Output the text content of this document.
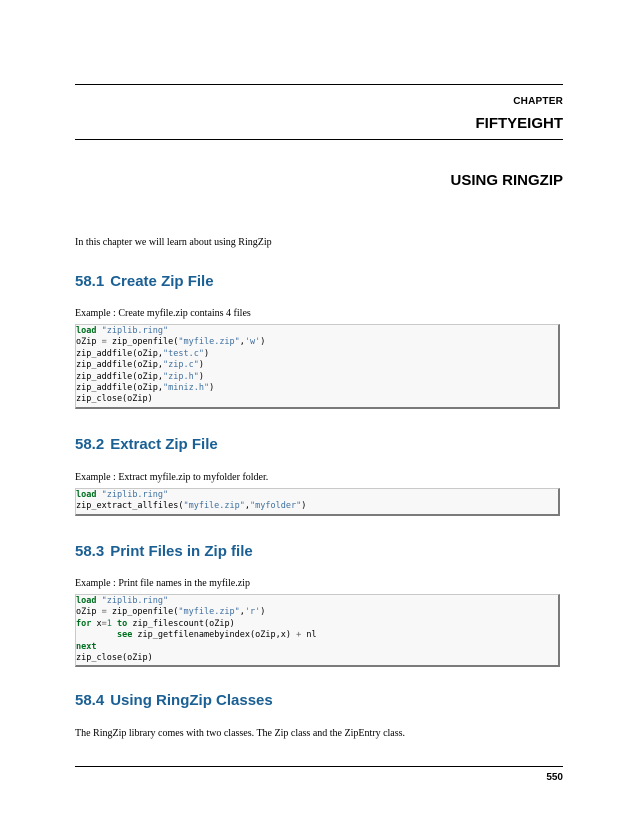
CHAPTER
FIFTYEIGHT
USING RINGZIP
In this chapter we will learn about using RingZip
58.1 Create Zip File
Example : Create myfile.zip contains 4 files
load "ziplib.ring"
oZip = zip_openfile("myfile.zip",'w')
zip_addfile(oZip,"test.c")
zip_addfile(oZip,"zip.c")
zip_addfile(oZip,"zip.h")
zip_addfile(oZip,"miniz.h")
zip_close(oZip)
58.2 Extract Zip File
Example : Extract myfile.zip to myfolder folder.
load "ziplib.ring"
zip_extract_allfiles("myfile.zip","myfolder")
58.3 Print Files in Zip file
Example : Print file names in the myfile.zip
load "ziplib.ring"
oZip = zip_openfile("myfile.zip",'r')
for x=1 to zip_filescount(oZip)
see zip_getfilenamebyindex(oZip,x) + nl
next
zip_close(oZip)
58.4 Using RingZip Classes
The RingZip library comes with two classes. The Zip class and the ZipEntry class.
550
